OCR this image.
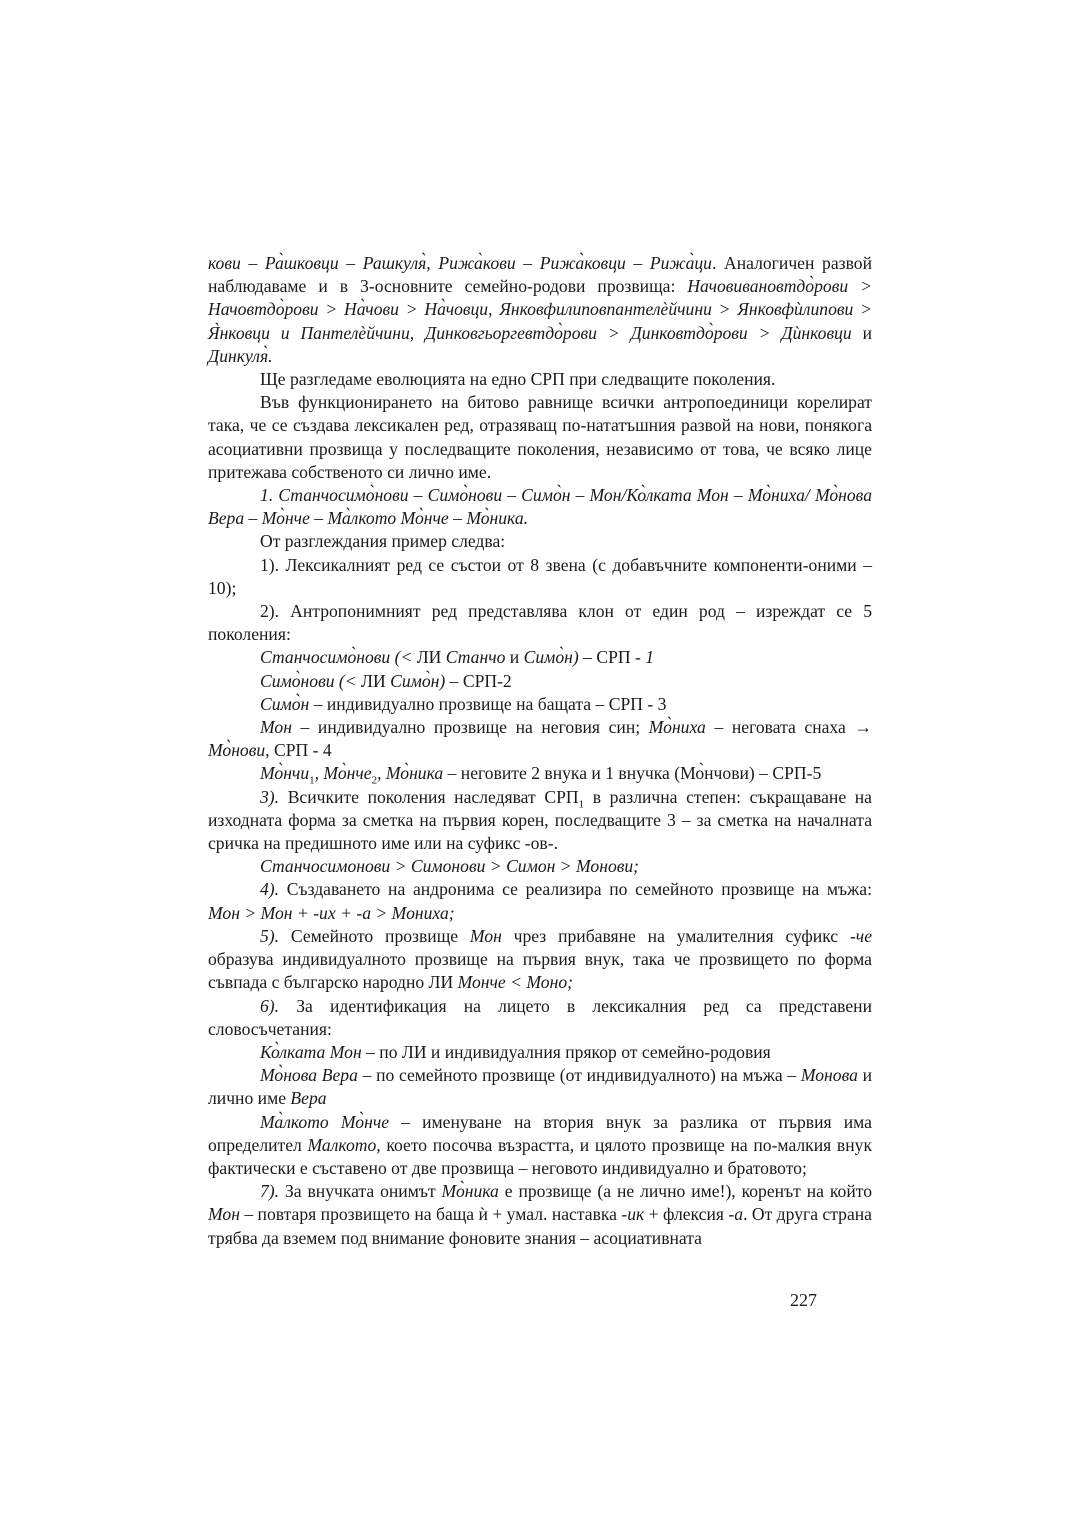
кови – Ра̀шковци – Рашкуля̀, Рижа̀кови – Рижа̀ковци – Рижа̀ци. Аналогичен развой наблюдаваме и в 3-основните семейно-родови прозвища: Начовивановтдо̀рови > Начовтдо̀рови > На̀чови > На̀човци, Янковфилиповпантелѐйчини > Янковфѝлипови > Я̀нковци и Пантелѐйчини, Динковгьоргевтдо̀рови > Динковтдо̀рови > Дѝнковци и Динкуля̀.

Ще разгледаме еволюцията на едно СРП при следващите поколения.

Във функционирането на битово равнище всички антропоединици корелират така, че се създава лексикален ред, отразяващ по-нататъшния развой на нови, понякога асоциативни прозвища у последващите поколения, независимо от това, че всяко лице притежава собственото си лично име.

1. Станчосимо̀нови – Симо̀нови – Симо̀н – Мон/Ко̀лката Мон – Мо̀ниха/ Мо̀нова Вера – Мо̀нче – Ма̀лкото Мо̀нче – Мо̀ника.

От разглеждания пример следва:

1). Лексикалният ред се състои от 8 звена (с добавъчните компоненти-оними – 10);

2). Антропонимният ред представлява клон от един род – изреждат се 5 поколения:

Станчосимо̀нови (< ЛИ Станчо и Симо̀н) – СРП - 1

Симо̀нови (< ЛИ Симо̀н) – СРП-2

Симо̀н – индивидуално прозвище на бащата – СРП - 3

Мон – индивидуално прозвище на неговия син; Мо̀ниха – неговата снаха → Мо̀нови, СРП - 4

Мо̀нчи$_1$, Мо̀нче$_2$, Мо̀ника – неговите 2 внука и 1 внучка (Мо̀нчови) – СРП-5

3). Всичките поколения наследяват $СРП_1$ в различна степен: съкращаване на изходната форма за сметка на първия корен, последващите 3 – за сметка на началната сричка на предишното име или на суфикс -ов-.

Станчосимонови > Симонови > Симон > Монови;

4). Създаването на андронима се реализира по семейното прозвище на мъжа: Мон > Мон + -их + -а > Мониха;

5). Семейното прозвище Мон чрез прибавяне на умалителния суфикс -че образува индивидуалното прозвище на първия внук, така че прозвището по форма съвпада с българско народно ЛИ Монче < Моно;

6). За идентификация на лицето в лексикалния ред са представени словосъчетания:

Ко̀лката Мон – по ЛИ и индивидуалния прякор от семейно-родовия

Мо̀нова Вера – по семейното прозвище (от индивидуалното) на мъжа – Монова и лично име Вера

Ма̀лкото Мо̀нче – именуване на втория внук за разлика от първия има определител Малкото, което посочва възрастта, и цялото прозвище на по-малкия внук фактически е съставено от две прозвища – неговото индивидуално и братовото;

7). За внучката онимът Мо̀ника е прозвище (а не лично име!), коренът на който Мон – повтаря прозвището на баща ѝ + умал. наставка -ик + флексия -а. От друга страна трябва да вземем под внимание фоновите знания – асоциативната

227
